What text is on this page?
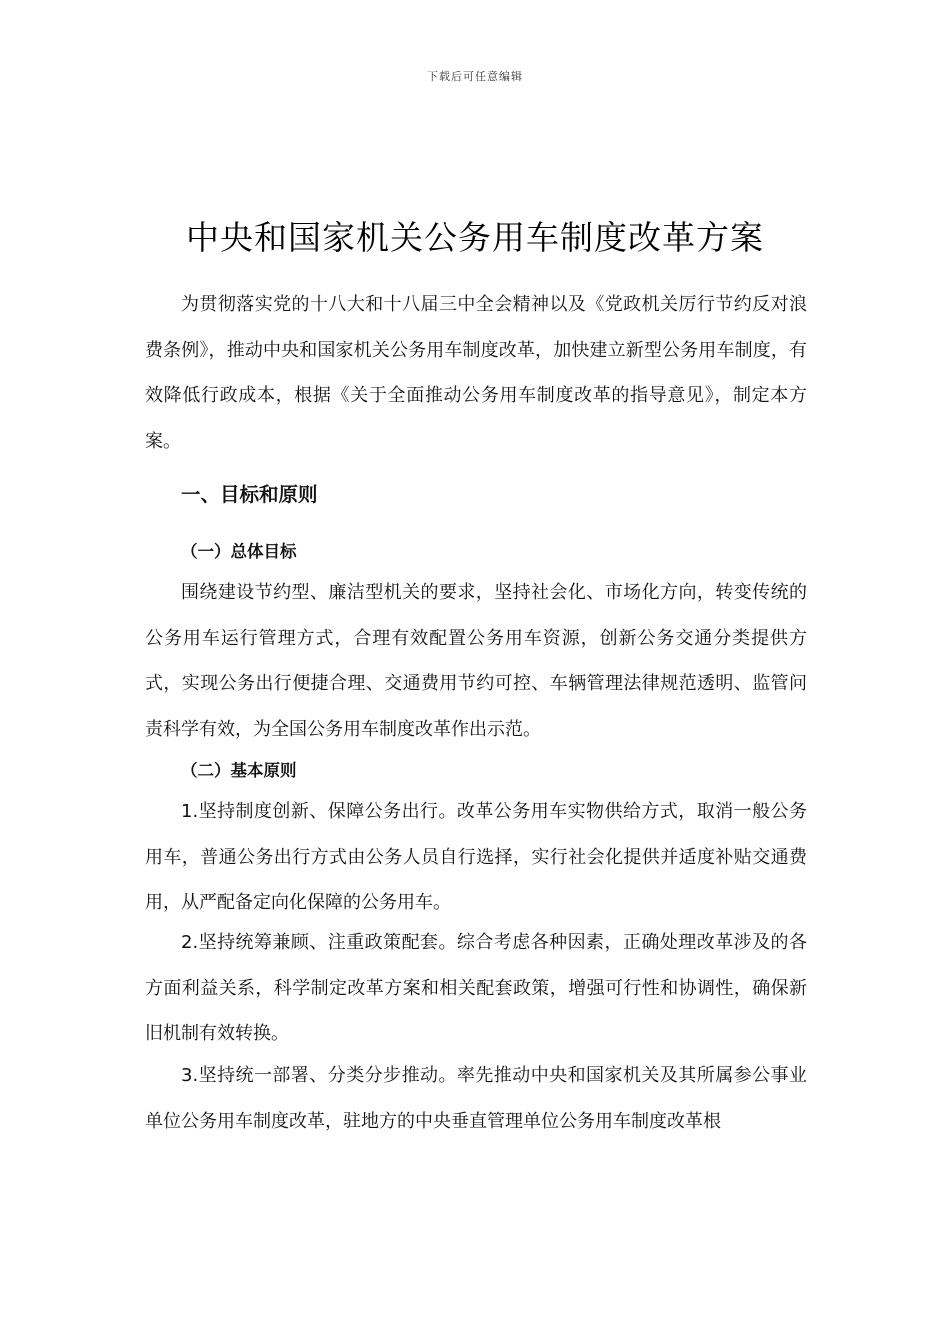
下载后可任意编辑
中央和国家机关公务用车制度改革方案

为贯彻落实党的十八大和十八届三中全会精神以及《党政机关厉行节约反对浪费条例》，推动中央和国家机关公务用车制度改革，加快建立新型公务用车制度，有效降低行政成本，根据《关于全面推动公务用车制度改革的指导意见》，制定本方案。

一、目标和原则
（一）总体目标

围绕建设节约型、廉洁型机关的要求，坚持社会化、市场化方向，转变传统的公务用车运行管理方式，合理有效配置公务用车资源，创新公务交通分类提供方式，实现公务出行便捷合理、交通费用节约可控、车辆管理法律规范透明、监管问责科学有效，为全国公务用车制度改革作出示范。

（二）基本原则

1.坚持制度创新、保障公务出行。改革公务用车实物供给方式，取消一般公务用车，普通公务出行方式由公务人员自行选择，实行社会化提供并适度补贴交通费用，从严配备定向化保障的公务用车。

2.坚持统筹兼顾、注重政策配套。综合考虑各种因素，正确处理改革涉及的各方面利益关系，科学制定改革方案和相关配套政策，增强可行性和协调性，确保新旧机制有效转换。

3.坚持统一部署、分类分步推动。率先推动中央和国家机关及其所属参公事业单位公务用车制度改革，驻地方的中央垂直管理单位公务用车制度改革根
